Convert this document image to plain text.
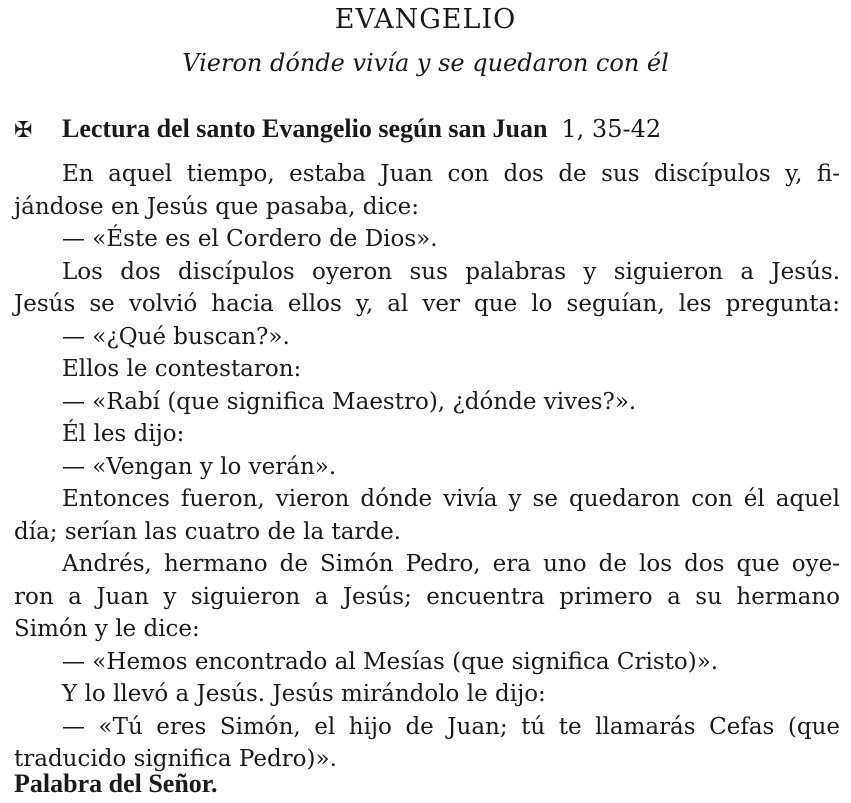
EVANGELIO
Vieron dónde vivía y se quedaron con él
✠ Lectura del santo Evangelio según san Juan 1, 35-42
En aquel tiempo, estaba Juan con dos de sus discípulos y, fi-
jándose en Jesús que pasaba, dice:
— «Éste es el Cordero de Dios».
Los dos discípulos oyeron sus palabras y siguieron a Jesús.
Jesús se volvió hacia ellos y, al ver que lo seguían, les pregunta:
— «¿Qué buscan?».
Ellos le contestaron:
— «Rabí (que significa Maestro), ¿dónde vives?».
Él les dijo:
— «Vengan y lo verán».
Entonces fueron, vieron dónde vivía y se quedaron con él aquel
día; serían las cuatro de la tarde.
Andrés, hermano de Simón Pedro, era uno de los dos que oye-
ron a Juan y siguieron a Jesús; encuentra primero a su hermano
Simón y le dice:
— «Hemos encontrado al Mesías (que significa Cristo)».
Y lo llevó a Jesús. Jesús mirándolo le dijo:
— «Tú eres Simón, el hijo de Juan; tú te llamarás Cefas (que
traducido significa Pedro)».
Palabra del Señor.
